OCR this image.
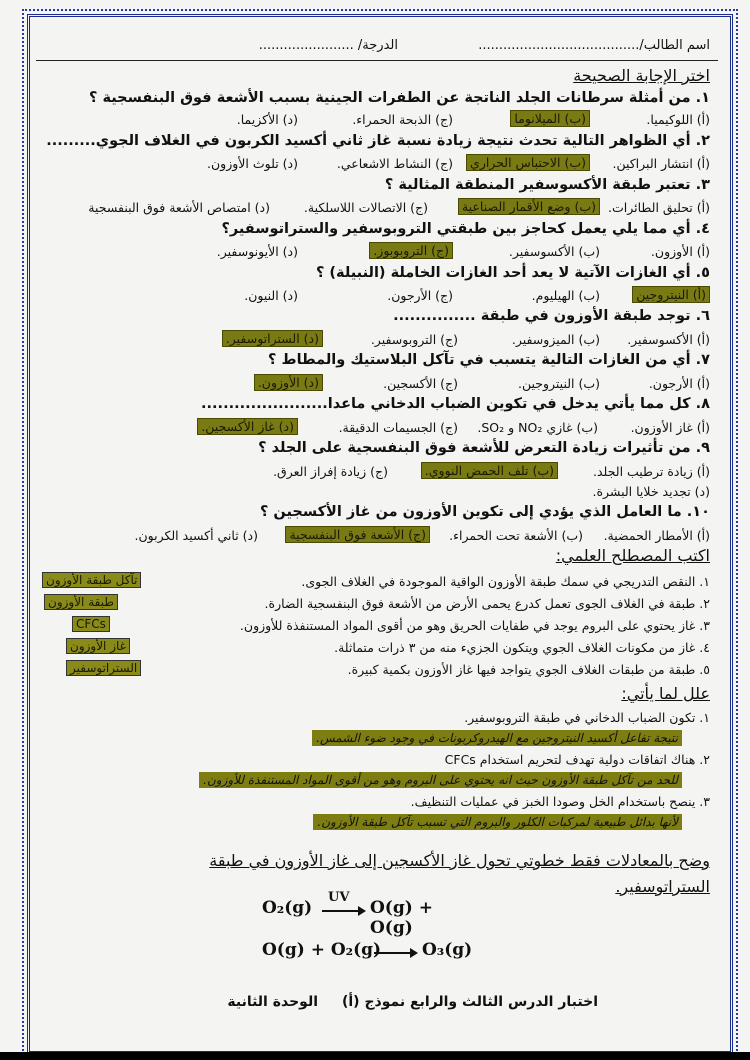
اسم الطالب/.......................................
الدرجة/ .......................
اختر الإجابة الصحيحة
١. من أمثلة سرطانات الجلد الناتجة عن الطفرات الجينية بسبب الأشعة فوق البنفسجية ؟
(أ) اللوكيميا.
(ب) الميلانوما
(ج) الذبحة الحمراء.
(د) الأكزيما.
٢. أي الظواهر التالية تحدث نتيجة زيادة نسبة غاز ثاني أكسيد الكربون في الغلاف الجوي.........
(أ) انتشار البراكين.
(ب) الاحتباس الحراري
(ج) النشاط الاشعاعي.
(د) تلوث الأوزون.
٣. تعتبر طبقة الأكسوسفير المنطقة المثالية ؟
(أ) تحليق الطائرات.
(ب) وضع الأقمار الصناعية
(ج) الاتصالات اللاسلكية.
(د) امتصاص الأشعة فوق البنفسجية
٤. أي مما يلي يعمل كحاجز بين طبقتي التروبوسفير والستراتوسفير؟
(أ) الأوزون.
(ب) الأكسوسفير.
(ج) التروبوبوز.
(د) الأيونوسفير.
٥. أي الغازات الآتية لا يعد أحد الغازات الخاملة (النبيلة) ؟
(أ) النيتروجين
(ب) الهيليوم.
(ج) الأرجون.
(د) النيون.
٦. توجد طبقة الأوزون في طبقة ...............
(أ) الأكسوسفير.
(ب) الميزوسفير.
(ج) التروبوسفير.
(د) الستراتوسفير.
٧. أي من الغازات التالية يتسبب في تآكل البلاستيك والمطاط ؟
(أ) الأرجون.
(ب) النيتروجين.
(ج) الأكسجين.
(د) الأوزون.
٨. كل مما يأتي يدخل في تكوين الضباب الدخاني ماعدا.......................
(أ) غاز الأوزون.
(ب) غازي NO₂ و SO₂.
(ج) الجسيمات الدقيقة.
(د) غاز الأكسجين.
٩. من تأثيرات زيادة التعرض للأشعة فوق البنفسجية على الجلد ؟
(أ) زيادة ترطيب الجلد.
(ب) تلف الحمض النووي.
(ج) زيادة إفراز العرق.
(د) تجديد خلايا البشرة.
١٠. ما العامل الذي يؤدي إلى تكوين الأوزون من غاز الأكسجين ؟
(أ) الأمطار الحمضية.
(ب) الأشعة تحت الحمراء.
(ج) الأشعة فوق البنفسجية
(د) ثاني أكسيد الكربون.
اكتب المصطلح العلمي:
١. النقص التدريجي في سمك طبقة الأوزون الواقية الموجودة في الغلاف الجوى.
تآكل طبقة الأوزون
٢. طبقة في الغلاف الجوى تعمل كدرع يحمى الأرض من الأشعة فوق البنفسجية الضارة.
طبقة الأوزون
٣. غاز يحتوي على البروم يوجد في طفايات الحريق وهو من أقوى المواد المستنفذة للأوزون.
CFCs
٤. غاز من مكونات الغلاف الجوي ويتكون الجزيء منه من ٣ ذرات متماثلة.
غاز الأوزون
٥. طبقة من طبقات الغلاف الجوي يتواجد فيها غاز الأوزون بكمية كبيرة.
الستراتوسفير
علل لما يأتي:
١. تكون الضباب الدخاني في طبقة التروبوسفير.
نتيجة تفاعل أكسيد النيتروجين مع الهيدروكربونات في وجود ضوء الشمس.
٢. هناك اتفاقات دولية تهدف لتحريم استخدام CFCs
للحد من تآكل طبقة الأوزون حيث انه يحتوي على البروم وهو من أقوى المواد المستنفذة للأوزون.
٣. ينصح باستخدام الخل وصودا الخبز في عمليات التنظيف.
لأنها بدائل طبيعية لمركبات الكلور والبروم التي تسبب تآكل طبقة الأوزون.
وضح بالمعادلات فقط خطوتي تحول غاز الأكسجين إلى غاز الأوزون في طبقة الستراتوسفير.
O₂(g)
UV
O(g) + O(g)
O(g) + O₂(g) O₃(g)
اختبار الدرس الثالث والرابع نموذج (أ)
الوحدة الثانية
